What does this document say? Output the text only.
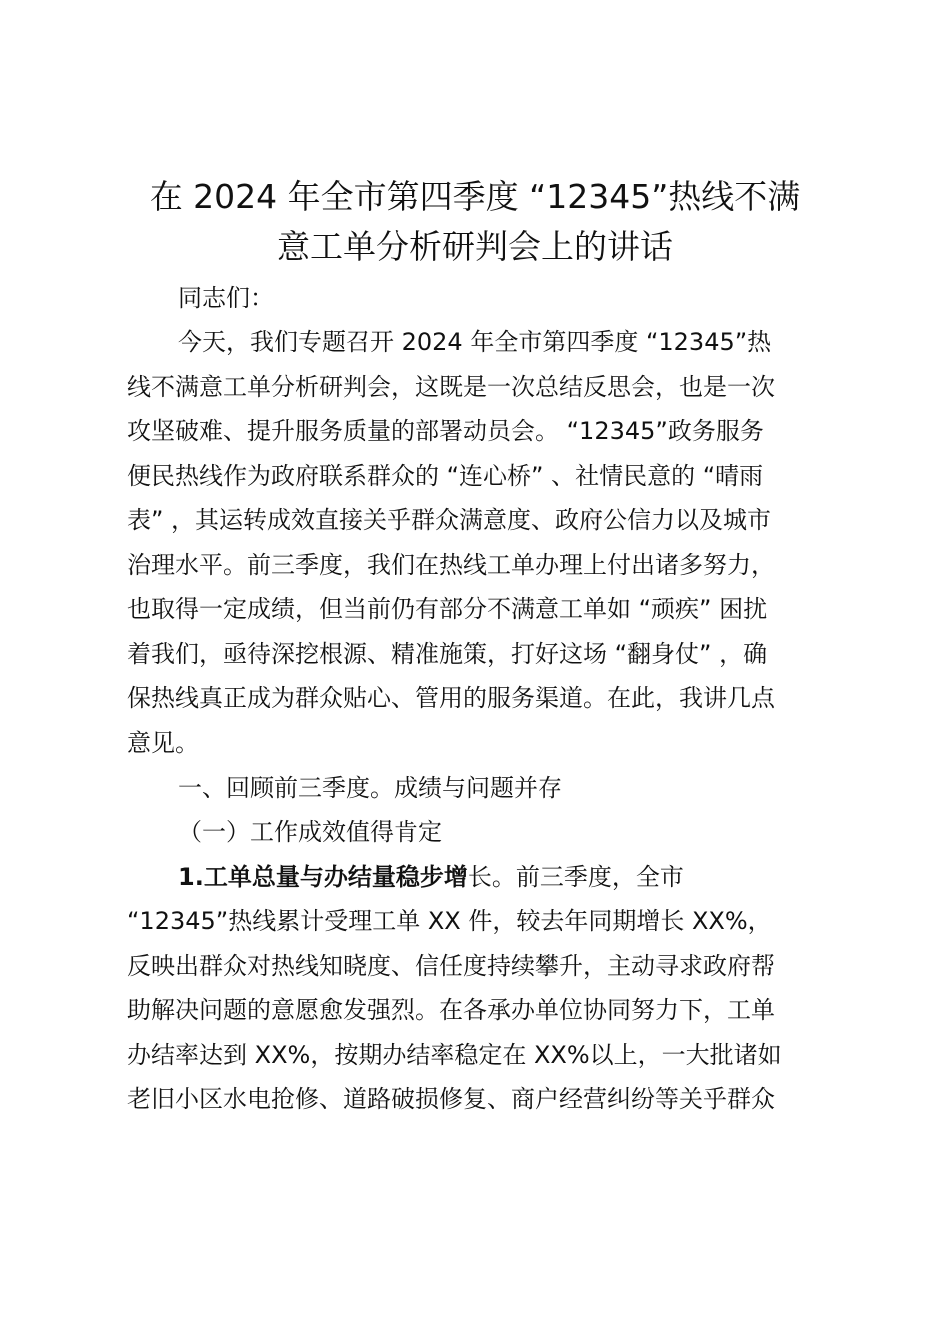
在 2024 年全市第四季度 “12345”热线不满
意工单分析研判会上的讲话
同志们：
今天，我们专题召开 2024 年全市第四季度 “12345”热
线不满意工单分析研判会，这既是一次总结反思会，也是一次
攻坚破难、提升服务质量的部署动员会。 “12345”政务服务
便民热线作为政府联系群众的 “连心桥” 、社情民意的 “晴雨
表” ，其运转成效直接关乎群众满意度、政府公信力以及城市
治理水平。前三季度，我们在热线工单办理上付出诸多努力，
也取得一定成绩，但当前仍有部分不满意工单如 “顽疾” 困扰
着我们，亟待深挖根源、精准施策，打好这场 “翻身仗” ，确
保热线真正成为群众贴心、管用的服务渠道。在此，我讲几点
意见。
一、回顾前三季度。成绩与问题并存
（一）工作成效值得肯定
1.工单总量与办结量稳步增长。前三季度，全市
“12345”热线累计受理工单 XX 件，较去年同期增长 XX%，
反映出群众对热线知晓度、信任度持续攀升，主动寻求政府帮
助解决问题的意愿愈发强烈。在各承办单位协同努力下，工单
办结率达到 XX%，按期办结率稳定在 XX%以上，一大批诸如
老旧小区水电抢修、道路破损修复、商户经营纠纷等关乎群众
